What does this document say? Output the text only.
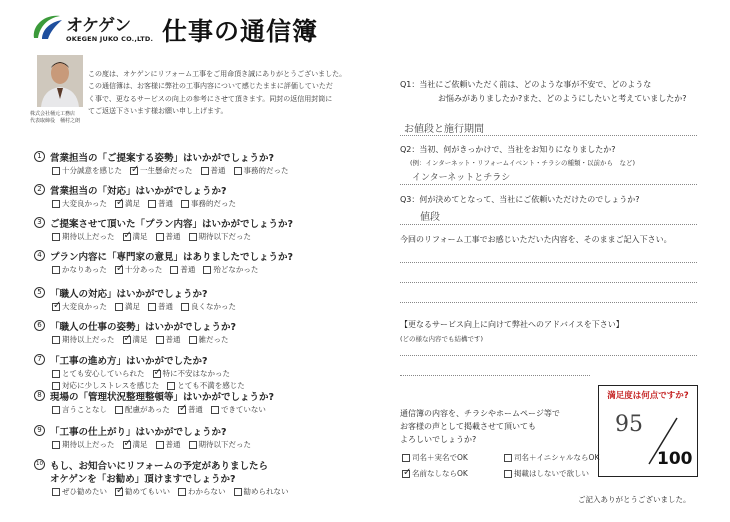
オケゲン
OKEGEN JUKO CO.,LTD. 仕事の通信簿
株式会社桶元工務店
代表取締役　桶村之朗

この度は、オケゲンにリフォーム工事をご用命頂き誠にありがとうございました。

この通信簿は、お客様に弊社の工事内容について感じたままに評価していただ

く事で、更なるサービスの向上の参考にさせて頂きます。同封の返信用封筒に

てご返送下さいます様お願い申し上げます。

1 営業担当の「ご提案する姿勢」はいかがでしょうか?
十分誠意を感じた ✓ 一生懸命だった 普通 事務的だった
2 営業担当の「対応」はいかがでしょうか?
大変良かった ✓ 満足 普通 事務的だった
3 ご提案させて頂いた「プラン内容」はいかがでしょうか?
期待以上だった ✓ 満足 普通 期待以下だった
4 プラン内容に「専門家の意見」はありましたでしょうか?
かなりあった ✓ 十分あった 普通 殆どなかった
5 「職人の対応」はいかがでしょうか?
✓
大変良かった 満足 普通 良くなかった
6 「職人の仕事の姿勢」はいかがでしょうか?
期待以上だった ✓ 満足 普通 雑だった
7 「工事の進め方」はいかがでしたか?
とても安心していられた ✓ 特に不安はなかった
対応に少しストレスを感じた とても不満を感じた
8 現場の「管理状況整理整頓等」はいかがでしょうか?
言うことなし 配慮があった ✓ 普通 できていない
9 「工事の仕上がり」はいかがでしょうか?
期待以上だった ✓ 満足 普通 期待以下だった
10 もし、お知合いにリフォームの予定がありましたら
オケゲンを「お勧め」頂けますでしょうか?
ぜひ勧めたい ✓ 勧めてもいい わからない 勧められない
Q1：当社にご依頼いただく前は、どのような事が不安で、どのような
お悩みがありましたか?また、どのようにしたいと考えていましたか?
お値段と施行期間
Q2：当初、何がきっかけで、当社をお知りになりましたか?
(例：インターネット・リフォームイベント・チラシの種類・以前から　など)
インターネットとチラシ
Q3：何が決めてとなって、当社にご依頼いただけたのでしょうか?
値段
今回のリフォーム工事でお感じいただいた内容を、そのままご記入下さい。
【更なるサービス向上に向けて弊社へのアドバイスを下さい】
(どの様な内容でも結構です)
通信簿の内容を、チラシやホームページ等で
お客様の声として掲載させて頂いても
よろしいでしょうか?
司名＋実名でOK	司名＋イニシャルならOK
✓
名前なしならOK	掲載はしないで欲しい
満足度は何点ですか?
95
100
ご記入ありがとうございました。
